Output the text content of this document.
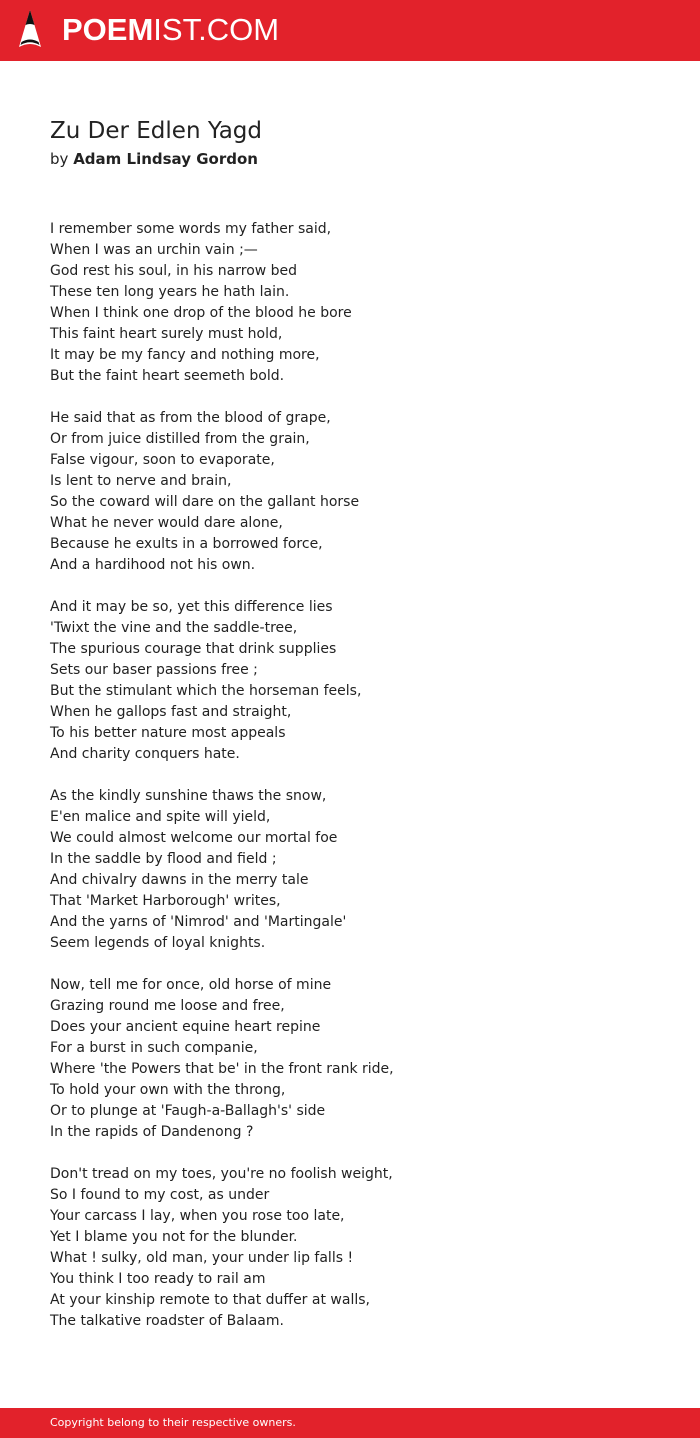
POEMIST.COM
Zu Der Edlen Yagd
by Adam Lindsay Gordon
I remember some words my father said,
When I was an urchin vain ;—
God rest his soul, in his narrow bed
These ten long years he hath lain.
When I think one drop of the blood he bore
This faint heart surely must hold,
It may be my fancy and nothing more,
But the faint heart seemeth bold.
He said that as from the blood of grape,
Or from juice distilled from the grain,
False vigour, soon to evaporate,
Is lent to nerve and brain,
So the coward will dare on the gallant horse
What he never would dare alone,
Because he exults in a borrowed force,
And a hardihood not his own.
And it may be so, yet this difference lies
'Twixt the vine and the saddle-tree,
The spurious courage that drink supplies
Sets our baser passions free ;
But the stimulant which the horseman feels,
When he gallops fast and straight,
To his better nature most appeals
And charity conquers hate.
As the kindly sunshine thaws the snow,
E'en malice and spite will yield,
We could almost welcome our mortal foe
In the saddle by flood and field ;
And chivalry dawns in the merry tale
That 'Market Harborough' writes,
And the yarns of 'Nimrod' and 'Martingale'
Seem legends of loyal knights.
Now, tell me for once, old horse of mine
Grazing round me loose and free,
Does your ancient equine heart repine
For a burst in such companie,
Where 'the Powers that be' in the front rank ride,
To hold your own with the throng,
Or to plunge at 'Faugh-a-Ballagh's' side
In the rapids of Dandenong ?
Don't tread on my toes, you're no foolish weight,
So I found to my cost, as under
Your carcass I lay, when you rose too late,
Yet I blame you not for the blunder.
What ! sulky, old man, your under lip falls !
You think I too ready to rail am
At your kinship remote to that duffer at walls,
The talkative roadster of Balaam.
Copyright belong to their respective owners.
